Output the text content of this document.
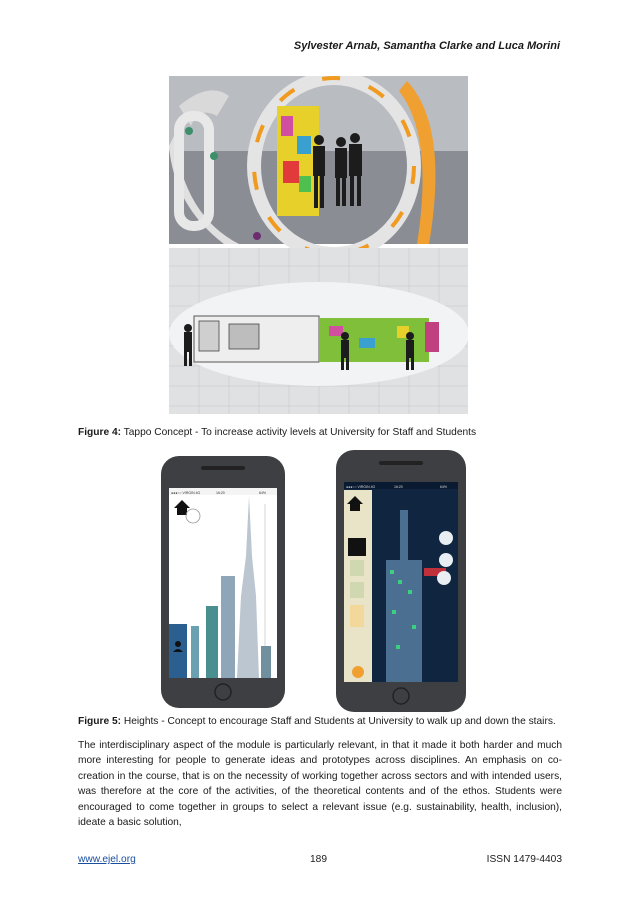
Sylvester Arnab, Samantha Clarke and Luca Morini
Figure 4: Tappo Concept - To increase activity levels at University for Staff and Students
●●●○○ VIRGIN 4G	16:20	64%
●●●○○ VIRGIN 4G	16:20	64%
Figure 5: Heights - Concept to encourage Staff and Students at University to walk up and down the stairs.
The interdisciplinary aspect of the module is particularly relevant, in that it made it both harder and much more interesting for people to generate ideas and prototypes across disciplines. An emphasis on co-creation in the course, that is on the necessity of working together across sectors and with intended users, was therefore at the core of the activities, of the theoretical contents and of the ethos. Students were encouraged to come together in groups to select a relevant issue (e.g. sustainability, health, inclusion), ideate a basic solution,
www.ejel.org	189	ISSN 1479-4403
